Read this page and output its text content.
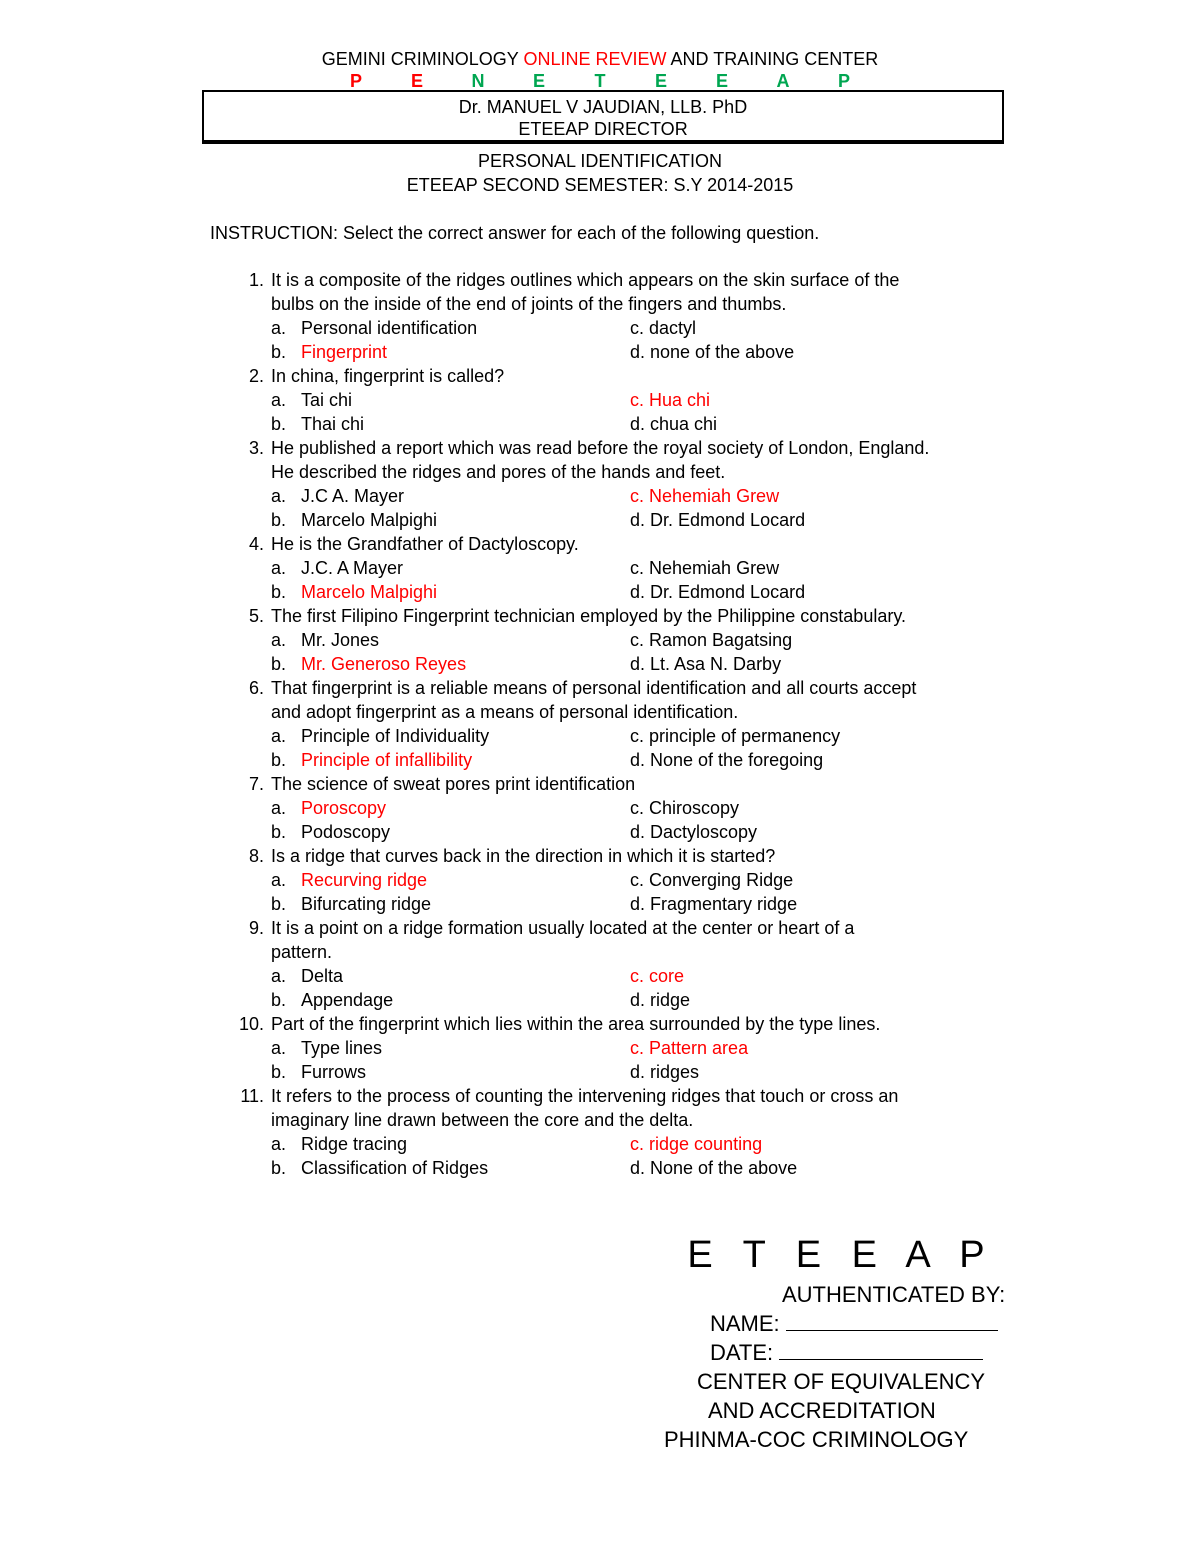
GEMINI CRIMINOLOGY ONLINE REVIEW AND TRAINING CENTER
P	E	N	E	T	E	E	A	P
Dr. MANUEL V JAUDIAN, LLB. PhD
ETEEAP DIRECTOR
PERSONAL IDENTIFICATION
ETEEAP SECOND SEMESTER: S.Y 2014-2015
INSTRUCTION: Select the correct answer for each of the following question.
1. It is a composite of the ridges outlines which appears on the skin surface of the
bulbs on the inside of the end of joints of the fingers and thumbs.
a. Personal identification	c. dactyl
b. Fingerprint	d. none of the above
2. In china, fingerprint is called?
a. Tai chi	c. Hua chi
b. Thai chi	d. chua chi
3. He published a report which was read before the royal society of London, England.
He described the ridges and pores of the hands and feet.
a. J.C A. Mayer	c. Nehemiah Grew
b. Marcelo Malpighi	d. Dr. Edmond Locard
4. He is the Grandfather of Dactyloscopy.
a. J.C. A Mayer	c. Nehemiah Grew
b. Marcelo Malpighi	d. Dr. Edmond Locard
5. The first Filipino Fingerprint technician employed by the Philippine constabulary.
a. Mr. Jones	c. Ramon Bagatsing
b. Mr. Generoso Reyes	d. Lt. Asa N. Darby
6. That fingerprint is a reliable means of personal identification and all courts accept
and adopt fingerprint as a means of personal identification.
a. Principle of Individuality	c. principle of permanency
b. Principle of infallibility	d. None of the foregoing
7. The science of sweat pores print identification
a. Poroscopy	c. Chiroscopy
b. Podoscopy	d. Dactyloscopy
8. Is a ridge that curves back in the direction in which it is started?
a. Recurving ridge	c. Converging Ridge
b. Bifurcating ridge	d. Fragmentary ridge
9. It is a point on a ridge formation usually located at the center or heart of a
pattern.
a. Delta	c. core
b. Appendage	d. ridge
10. Part of the fingerprint which lies within the area surrounded by the type lines.
a. Type lines	c. Pattern area
b. Furrows	d. ridges
11. It refers to the process of counting the intervening ridges that touch or cross an
imaginary line drawn between the core and the delta.
a. Ridge tracing	c. ridge counting
b. Classification of Ridges	d. None of the above
E T E E A P
AUTHENTICATED BY:
NAME:
DATE:
CENTER OF EQUIVALENCY
AND ACCREDITATION
PHINMA-COC CRIMINOLOGY
